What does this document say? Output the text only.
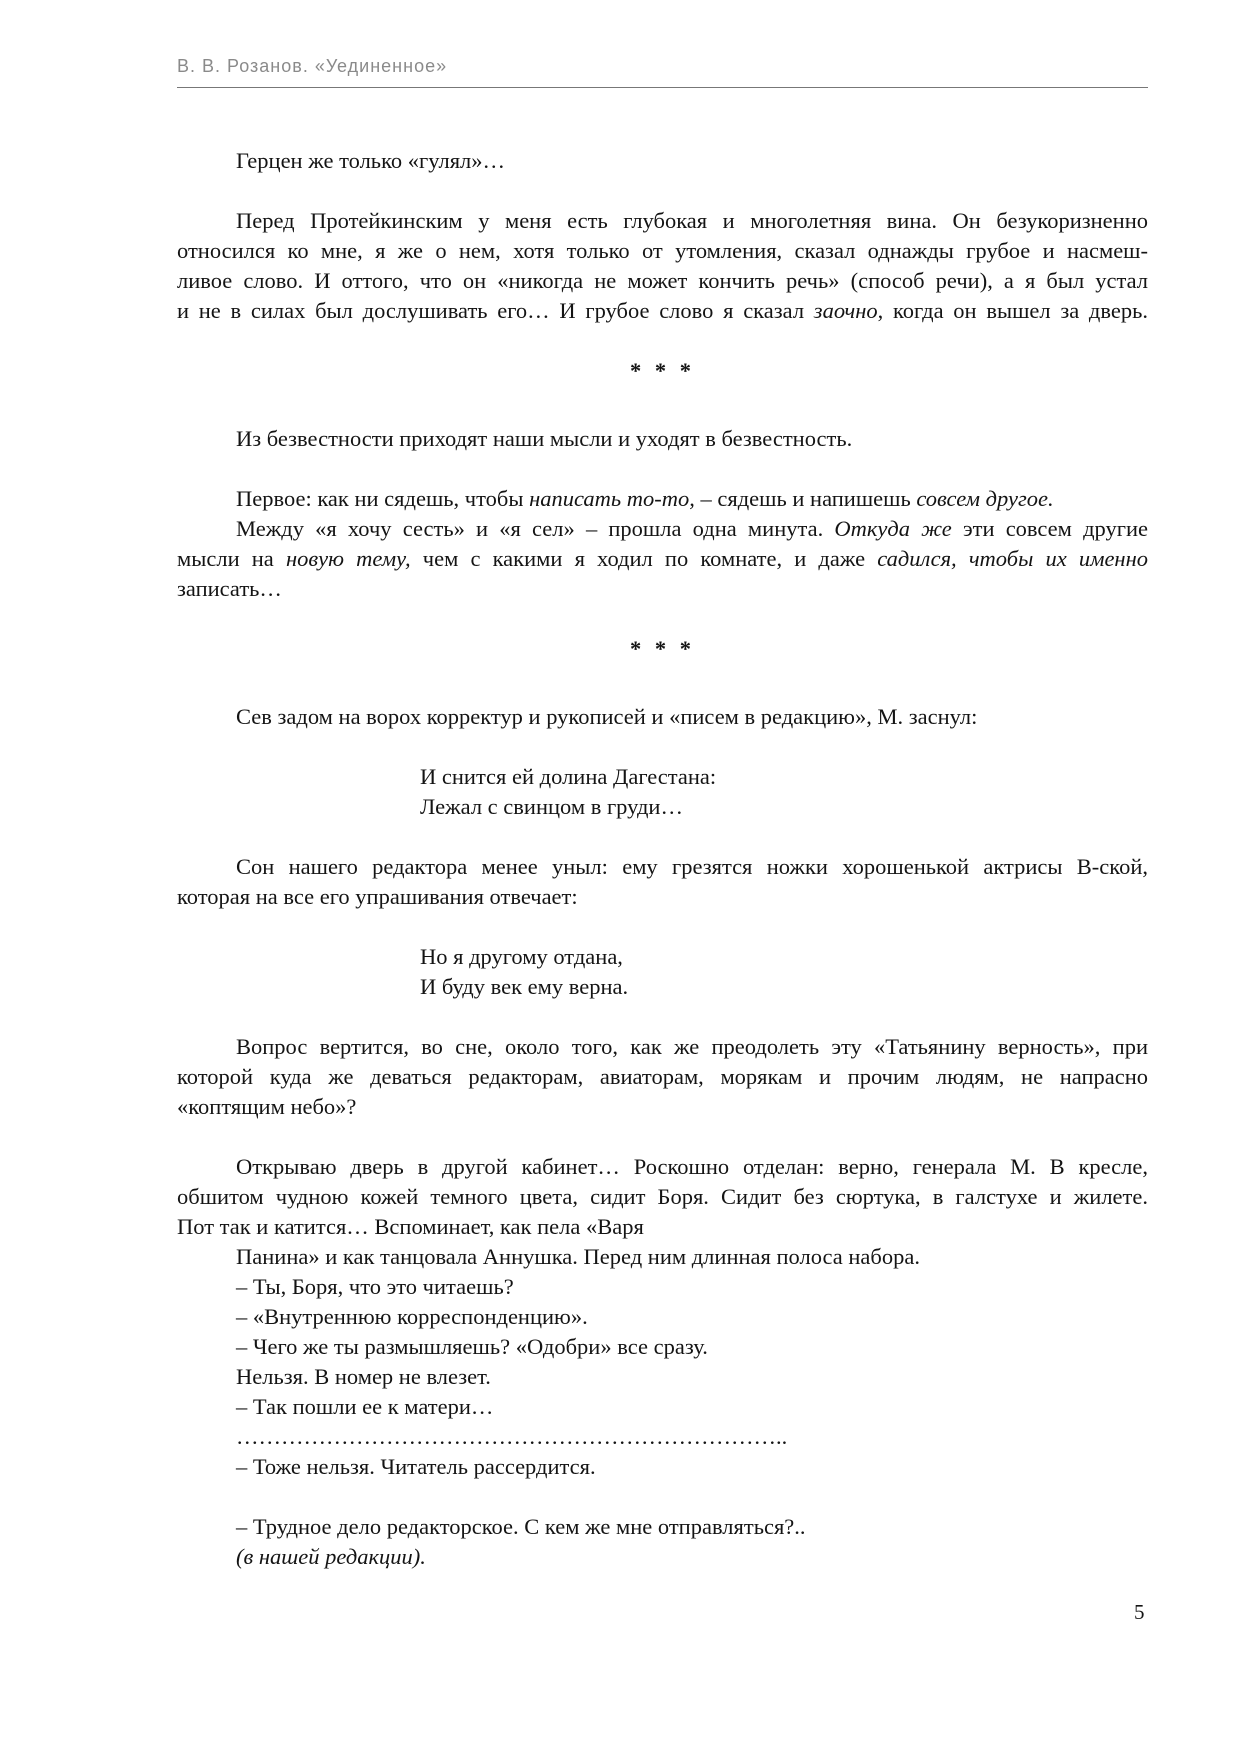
В. В. Розанов. «Уединенное»
Герцен же только «гулял»…
Перед Протейкинским у меня есть глубокая и многолетняя вина. Он безукоризненно
относился ко мне, я же о нем, хотя только от утомления, сказал однажды грубое и насмеш-
ливое слово. И оттого, что он «никогда не может кончить речь» (способ речи), а я был устал
и не в силах был дослушивать его… И грубое слово я сказал заочно, когда он вышел за дверь.
* * *
Из безвестности приходят наши мысли и уходят в безвестность.
Первое: как ни сядешь, чтобы написать то-то, – сядешь и напишешь совсем другое.
Между «я хочу сесть» и «я сел» – прошла одна минута. Откуда же эти совсем другие
мысли на новую тему, чем с какими я ходил по комнате, и даже садился, чтобы их именно
записать…
* * *
Сев задом на ворох корректур и рукописей и «писем в редакцию», М. заснул:
И снится ей долина Дагестана:
Лежал с свинцом в груди…
Сон нашего редактора менее уныл: ему грезятся ножки хорошенькой актрисы В-ской,
которая на все его упрашивания отвечает:
Но я другому отдана,
И буду век ему верна.
Вопрос вертится, во сне, около того, как же преодолеть эту «Татьянину верность», при
которой куда же деваться редакторам, авиаторам, морякам и прочим людям, не напрасно
«коптящим небо»?
Открываю дверь в другой кабинет… Роскошно отделан: верно, генерала М. В кресле,
обшитом чудною кожей темного цвета, сидит Боря. Сидит без сюртука, в галстухе и жилете.
Пот так и катится… Вспоминает, как пела «Варя
Панина» и как танцовала Аннушка. Перед ним длинная полоса набора.
– Ты, Боря, что это читаешь?
– «Внутреннюю корреспонденцию».
– Чего же ты размышляешь? «Одобри» все сразу.
Нельзя. В номер не влезет.
– Так пошли ее к матери…
………………………………………………………………..
– Тоже нельзя. Читатель рассердится.
– Трудное дело редакторское. С кем же мне отправляться?..
(в нашей редакции).
5
